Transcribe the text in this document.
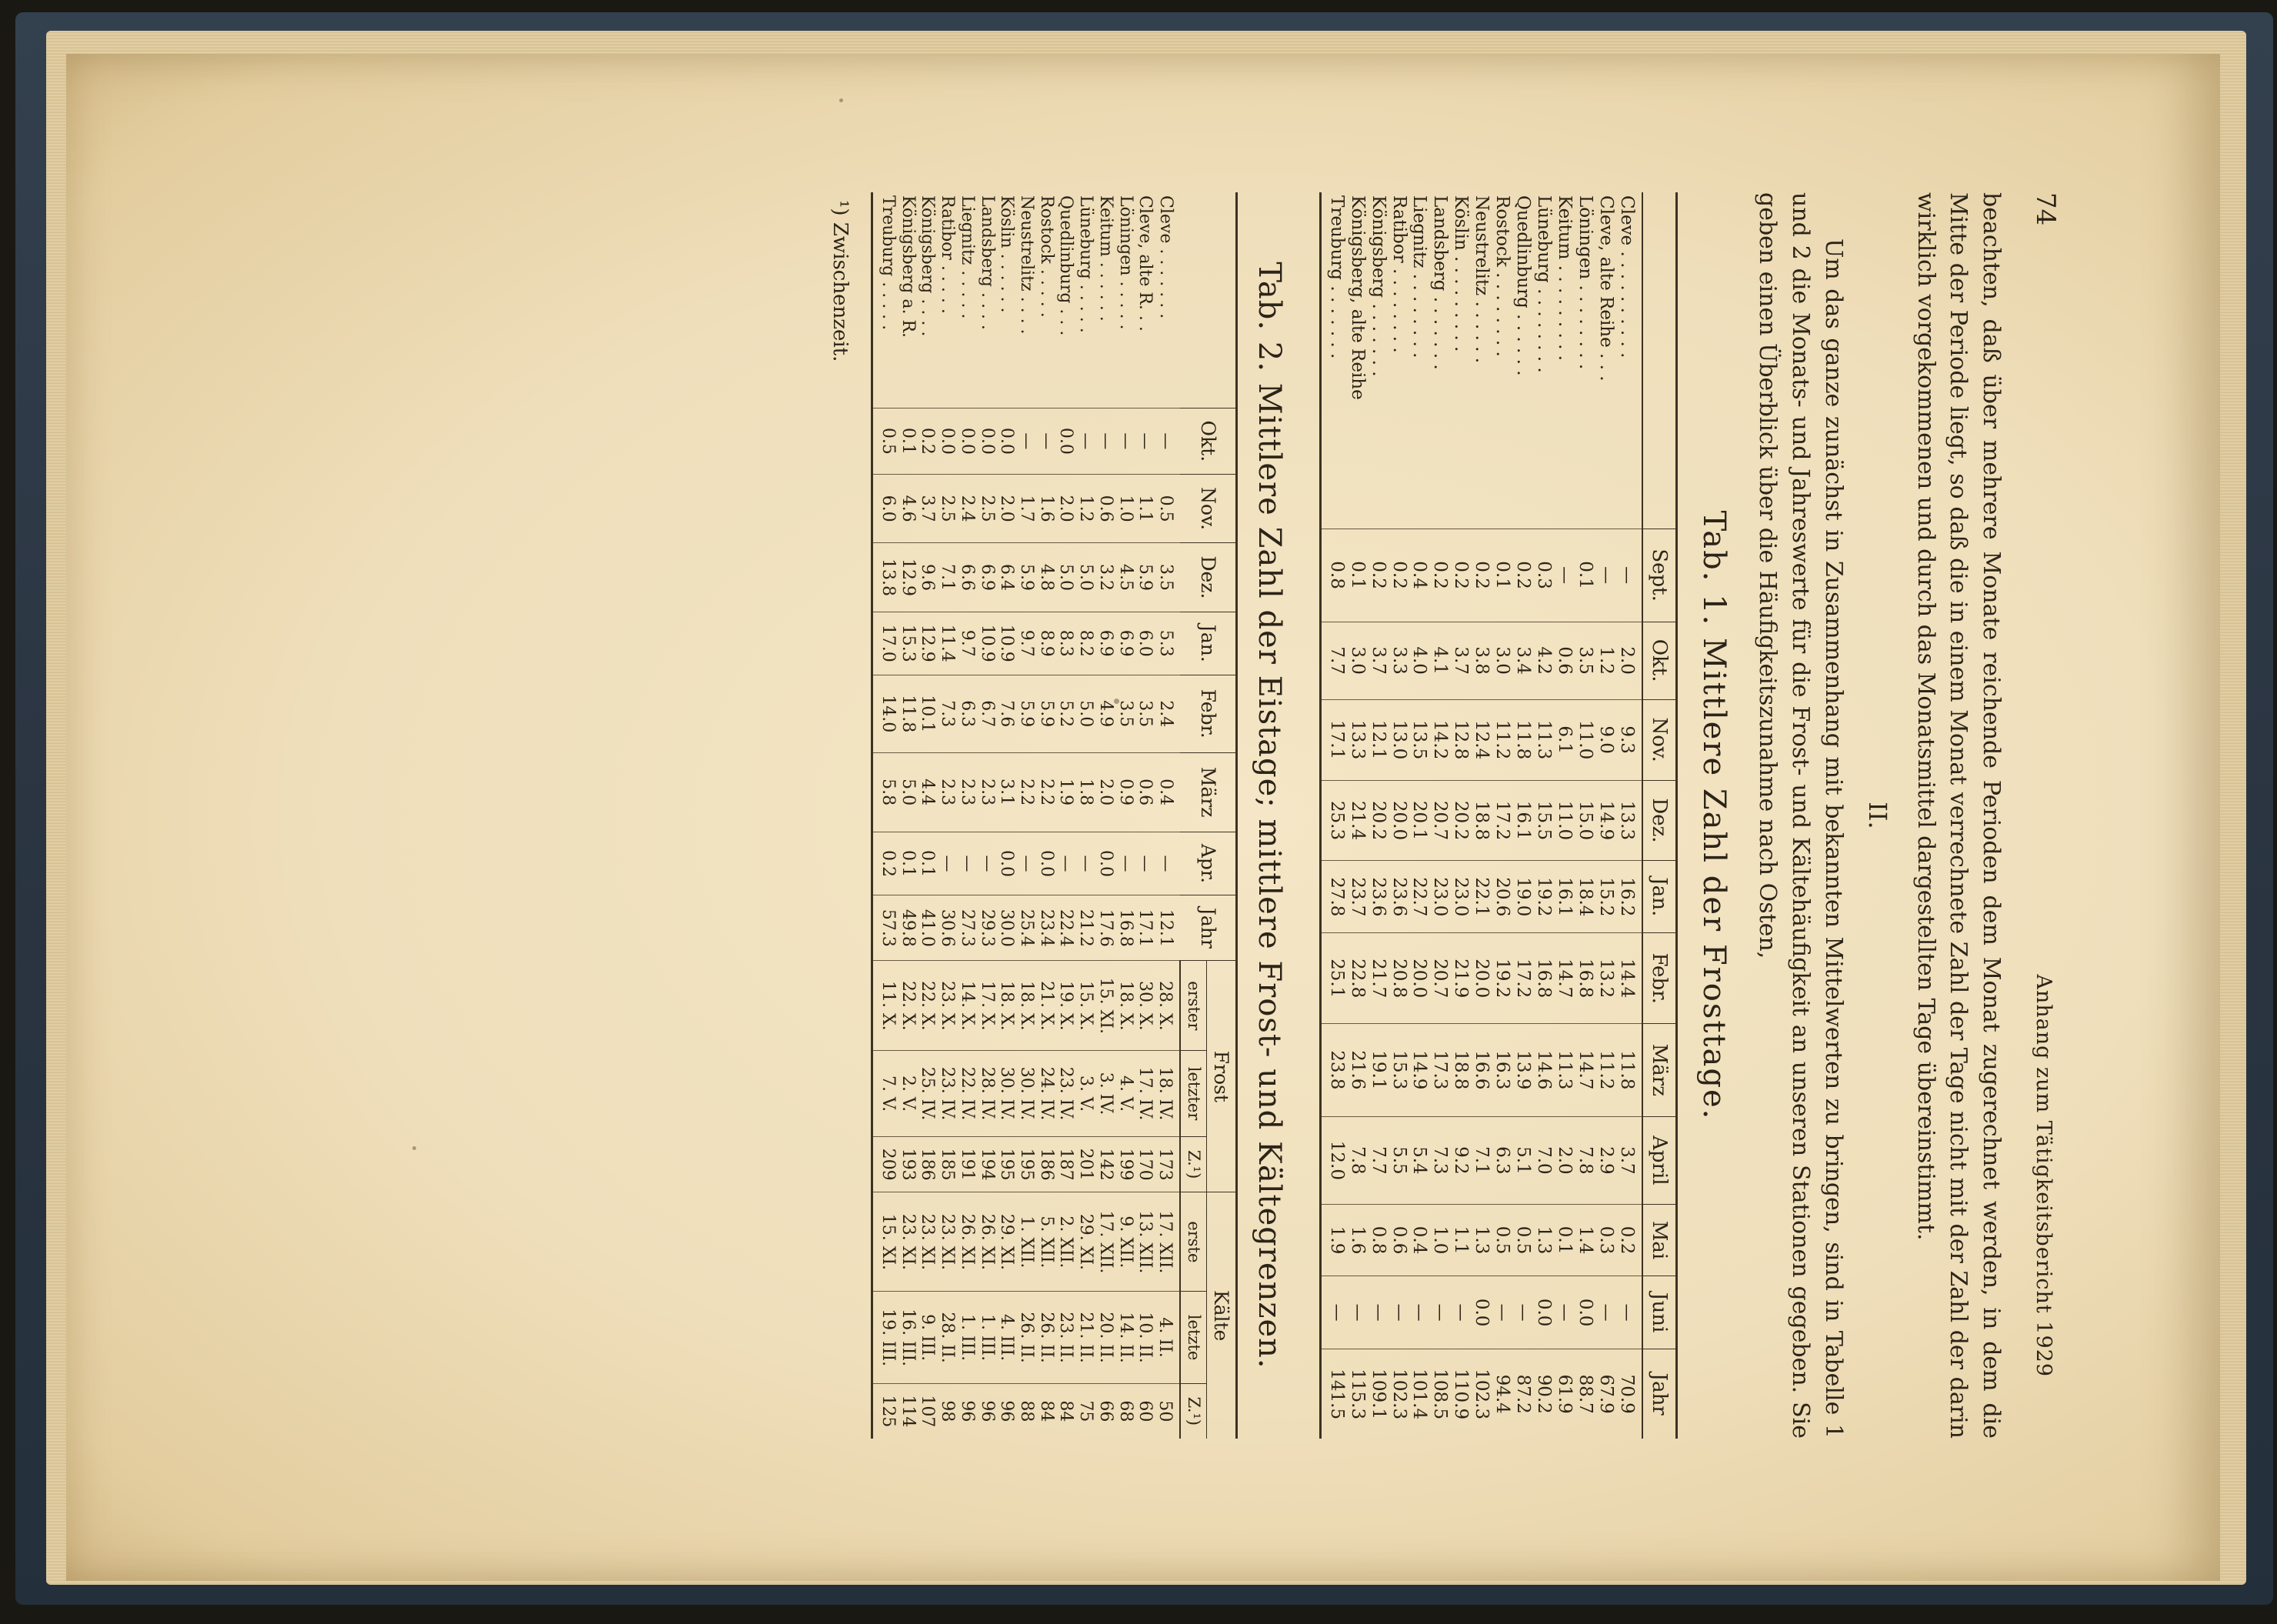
74
Anhang zum Tätigkeitsbericht 1929

beachten, daß über mehrere Monate reichende Perioden dem Monat zugerechnet werden, in dem die Mitte der Periode liegt, so daß die in einem Monat verrechnete Zahl der Tage nicht mit der Zahl der darin wirklich vorgekommenen und durch das Monatsmittel dargestellten Tage übereinstimmt.

II.

Um das ganze zunächst in Zusammenhang mit bekannten Mittelwerten zu bringen, sind in Tabelle 1 und 2 die Monats- und Jahreswerte für die Frost- und Kältehäufigkeit an unseren Stationen gegeben. Sie geben einen Überblick über die Häufigkeitszunahme nach Osten,

Tab. 1. Mittlere Zahl der Frosttage.
	Sept.	Okt.	Nov.	Dez.	Jan.	Febr.	März	April	Mai	Juni	Jahr
Cleve . . . . . . . . . .	—	2.0	9.3	13.3	16.2	14.4	11.8	3.7	0.2	—	70.9
Cleve, alte Reihe . . .	—	1.2	9.0	14.9	15.2	13.2	11.2	2.9	0.3	—	67.9
Löningen . . . . . . . .	0.1	3.5	11.0	15.0	18.4	16.8	14.7	7.8	1.4	0.0	88.7
Keitum . . . . . . . . .	—	0.6	6.1	11.0	16.1	14.7	11.3	2.0	0.1	—	61.9
Lüneburg . . . . . . . .	0.3	4.2	11.3	15.5	19.2	16.8	14.6	7.0	1.3	0.0	90.2
Quedlinburg . . . . . .	0.2	3.4	11.8	16.1	19.0	17.2	13.9	5.1	0.5	—	87.2
Rostock . . . . . . . .	0.1	3.0	11.2	17.2	20.6	19.2	16.3	6.3	0.5	—	94.4
Neustrelitz . . . . . .	0.2	3.8	12.4	18.8	22.1	20.0	16.6	7.1	1.3	0.0	102.3
Köslin . . . . . . . . .	0.2	3.7	12.8	20.2	23.0	21.9	18.8	9.2	1.1	—	110.9
Landsberg . . . . . . .	0.2	4.1	14.2	20.7	23.0	20.7	17.3	7.3	1.0	—	108.5
Liegnitz . . . . . . . .	0.4	4.0	13.5	20.1	22.7	20.0	14.9	5.4	0.4	—	101.4
Ratibor . . . . . . . .	0.2	3.3	13.0	20.0	23.6	20.8	15.3	5.5	0.6	—	102.3
Königsberg . . . . . . .	0.2	3.7	12.1	20.2	23.6	21.7	19.1	7.7	0.8	—	109.1
Königsberg, alte Reihe	0.1	3.0	13.3	21.4	23.7	22.8	21.6	7.8	1.6	—	115.3
Treuburg . . . . . . .	0.8	7.7	17.1	25.3	27.8	25.1	23.8	12.0	1.9	—	141.5
Tab. 2. Mittlere Zahl der Eistage; mittlere Frost- und Kältegrenzen.
	Okt.	Nov.	Dez.	Jan.	Febr.	März	Apr.	Jahr	Frost			Kälte		
									erster	letzter	Z.¹)	erste	letzte	Z.¹)
Cleve . . . . . . .	—	0.5	3.5	5.3	2.4	0.4	—	12.1	28. X.	18. IV.	173	17. XII.	4. II.	50
Cleve, alte R. . .	—	1.1	5.9	6.0	3.5	0.6	—	17.1	30. X.	17. IV.	170	13. XII.	10. II.	60
Löningen . . . . .	—	1.0	4.5	6.9	3.5	0.9	—	16.8	18. X.	4. V.	199	9. XII.	14. II.	68
Keitum . . . . . .	—	0.6	3.2	6.9	4.9	2.0	0.0	17.6	15. XI.	3. IV.	142	17. XII.	20. II.	66
Lüneburg . . . . .	—	1.2	5.0	8.2	5.0	1.8	—	21.2	15. X.	3. V.	201	29. XI.	21. II.	75
Quedlinburg . . .	0.0	2.0	5.0	8.3	5.2	1.9	—	22.4	19. X.	23. IV.	187	2. XII.	23. II.	84
Rostock . . . . .	—	1.6	4.8	8.9	5.9	2.2	0.0	23.4	21. X.	24. IV.	186	5. XII.	26. II.	84
Neustrelitz . . . .	—	1.7	5.9	9.7	5.9	2.2	—	25.4	18. X.	30. IV.	195	1. XII.	26. II.	88
Köslin . . . . . .	0.0	2.0	6.4	10.9	7.6	3.1	0.0	30.0	18. X.	30. IV.	195	29. XI.	4. III.	96
Landsberg . . . .	0.0	2.5	6.9	10.9	6.7	2.3	—	29.3	17. X.	28. IV.	194	26. XI.	1. III.	96
Liegnitz . . . . .	0.0	2.4	6.6	9.7	6.3	2.3	—	27.3	14. X.	22. IV.	191	26. XI.	1. III.	96
Ratibor . . . . .	0.0	2.5	7.1	11.4	7.3	2.3	—	30.6	23. X.	23. IV.	185	23. XI.	28. II.	98
Königsberg . . . .	0.2	3.7	9.6	12.9	10.1	4.4	0.1	41.0	22. X.	25. IV.	186	23. XI.	9. III.	107
Königsberg a. R.	0.1	4.6	12.9	15.3	11.8	5.0	0.1	49.8	22. X.	2. V.	193	23. XI.	16. III.	114
Treuburg . . . . .	0.5	6.0	13.8	17.0	14.0	5.8	0.2	57.3	11. X.	7. V.	209	15. XI.	19. III.	125
¹) Zwischenzeit.
